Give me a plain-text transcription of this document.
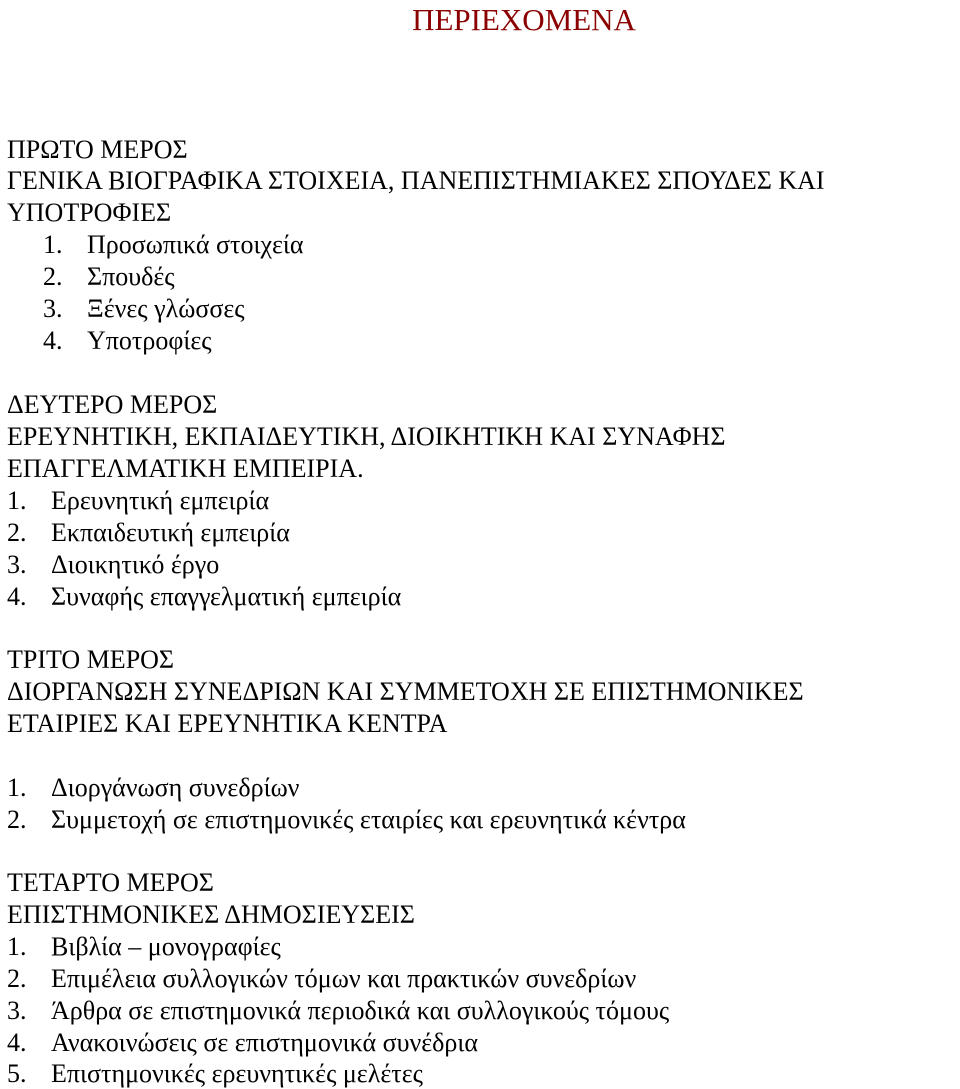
ΠΕΡΙΕΧΟΜΕΝΑ
ΠΡΩΤΟ ΜΕΡΟΣ
ΓΕΝΙΚΑ ΒΙΟΓΡΑΦΙΚΑ ΣΤΟΙΧΕΙΑ, ΠΑΝΕΠΙΣΤΗΜΙΑΚΕΣ ΣΠΟΥΔΕΣ ΚΑΙ
ΥΠΟΤΡΟΦΙΕΣ
1. Προσωπικά στοιχεία
2. Σπουδές
3. Ξένες γλώσσες
4. Υποτροφίες
ΔΕΥΤΕΡΟ ΜΕΡΟΣ
ΕΡΕΥΝΗΤΙΚΗ, ΕΚΠΑΙΔΕΥΤΙΚΗ, ΔΙΟΙΚΗΤΙΚΗ ΚΑΙ ΣΥΝΑΦΗΣ
ΕΠΑΓΓΕΛΜΑΤΙΚΗ ΕΜΠΕΙΡΙΑ.
1. Ερευνητική εμπειρία
2. Εκπαιδευτική εμπειρία
3. Διοικητικό έργο
4. Συναφής επαγγελματική εμπειρία
ΤΡΙΤΟ ΜΕΡΟΣ
ΔΙΟΡΓΑΝΩΣΗ ΣΥΝΕΔΡΙΩΝ ΚΑΙ ΣΥΜΜΕΤΟΧΗ ΣΕ ΕΠΙΣΤΗΜΟΝΙΚΕΣ
ΕΤΑΙΡΙΕΣ ΚΑΙ ΕΡΕΥΝΗΤΙΚΑ ΚΕΝΤΡΑ
1. Διοργάνωση συνεδρίων
2. Συμμετοχή σε επιστημονικές εταιρίες και ερευνητικά κέντρα
ΤΕΤΑΡΤΟ ΜΕΡΟΣ
ΕΠΙΣΤΗΜΟΝΙΚΕΣ ΔΗΜΟΣΙΕΥΣΕΙΣ
1. Βιβλία – μονογραφίες
2. Επιμέλεια συλλογικών τόμων και πρακτικών συνεδρίων
3. Άρθρα σε επιστημονικά περιοδικά και συλλογικούς τόμους
4. Ανακοινώσεις σε επιστημονικά συνέδρια
5. Επιστημονικές ερευνητικές μελέτες
